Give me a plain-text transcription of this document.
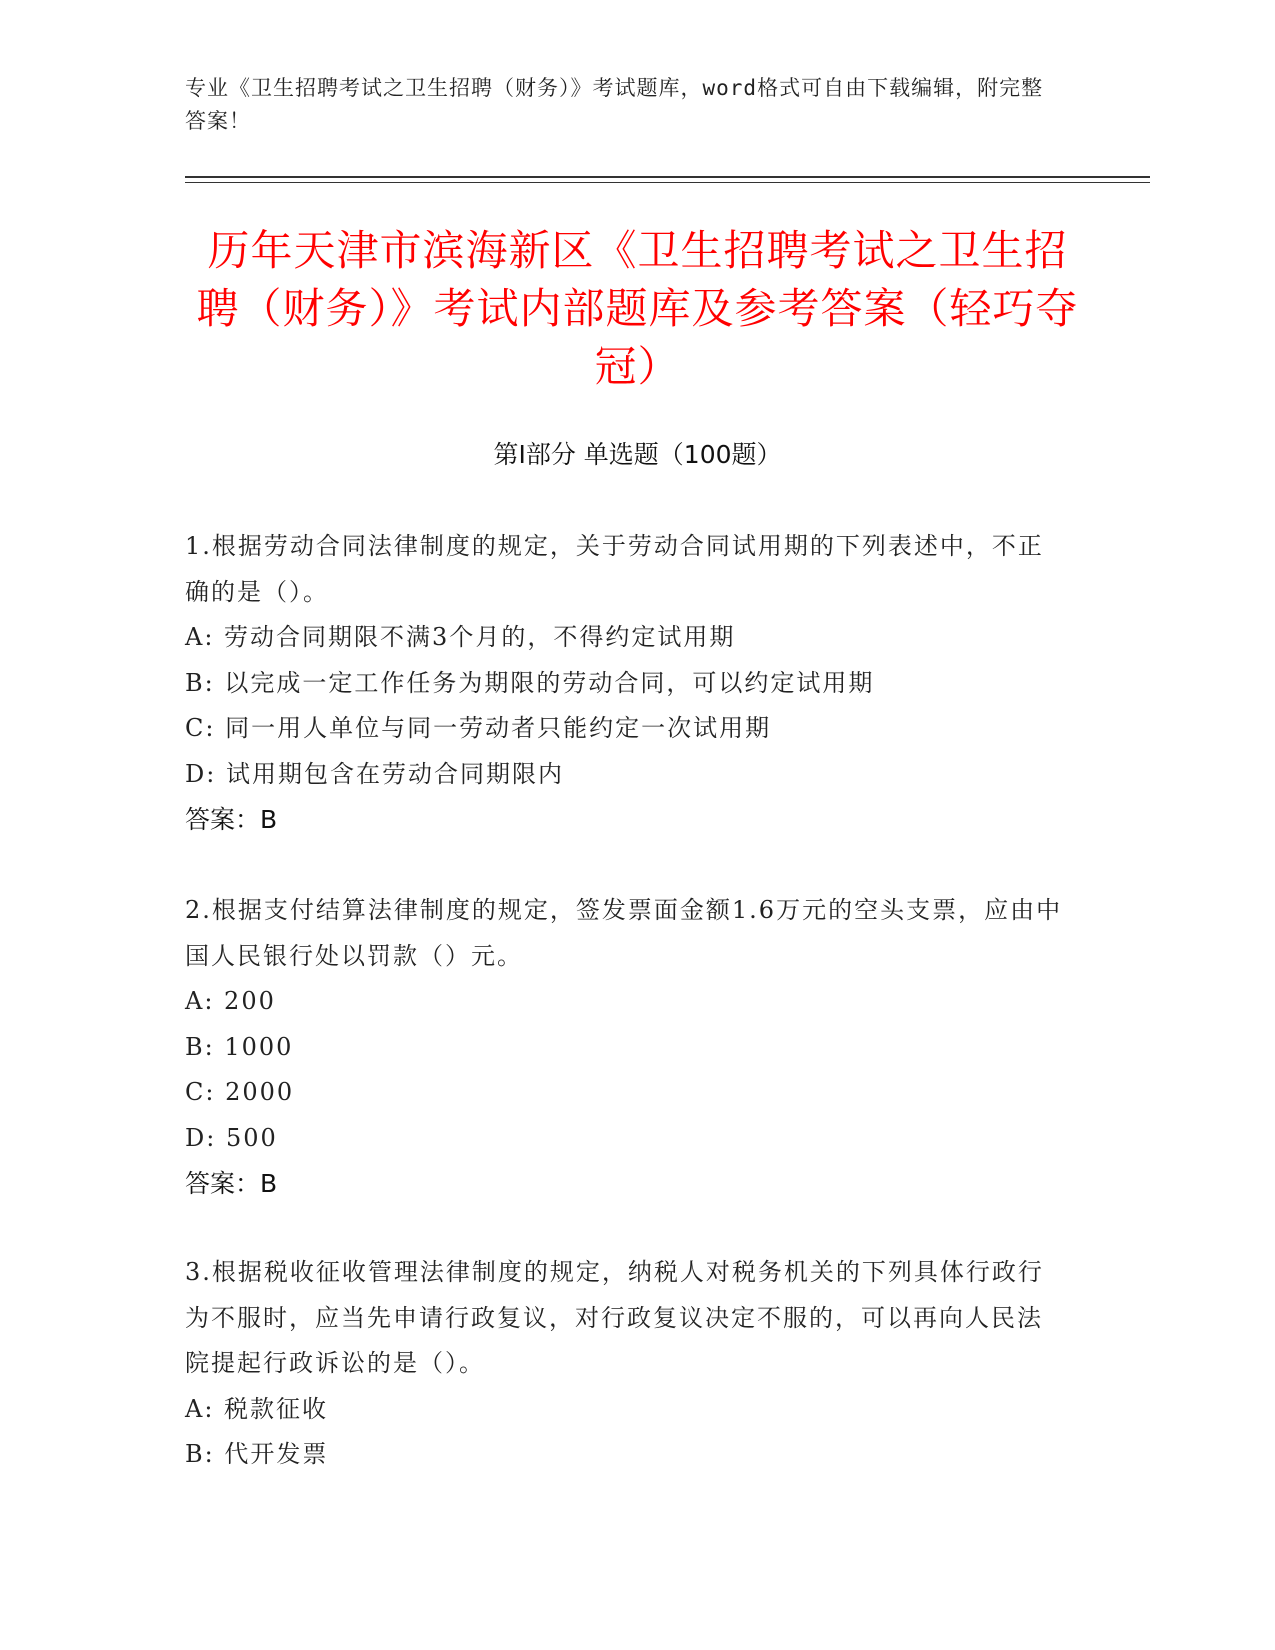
专业《卫生招聘考试之卫生招聘（财务）》考试题库，word格式可自由下载编辑，附完整答案！
历年天津市滨海新区《卫生招聘考试之卫生招聘（财务）》考试内部题库及参考答案（轻巧夺冠）
第Ⅰ部分 单选题（100题）
1.根据劳动合同法律制度的规定，关于劳动合同试用期的下列表述中，不正确的是（）。
A: 劳动合同期限不满3个月的，不得约定试用期
B: 以完成一定工作任务为期限的劳动合同，可以约定试用期
C: 同一用人单位与同一劳动者只能约定一次试用期
D: 试用期包含在劳动合同期限内
答案：B
2.根据支付结算法律制度的规定，签发票面金额1.6万元的空头支票，应由中国人民银行处以罚款（）元。
A: 200
B: 1000
C: 2000
D: 500
答案：B
3.根据税收征收管理法律制度的规定，纳税人对税务机关的下列具体行政行为不服时，应当先申请行政复议，对行政复议决定不服的，可以再向人民法院提起行政诉讼的是（）。
A: 税款征收
B: 代开发票
